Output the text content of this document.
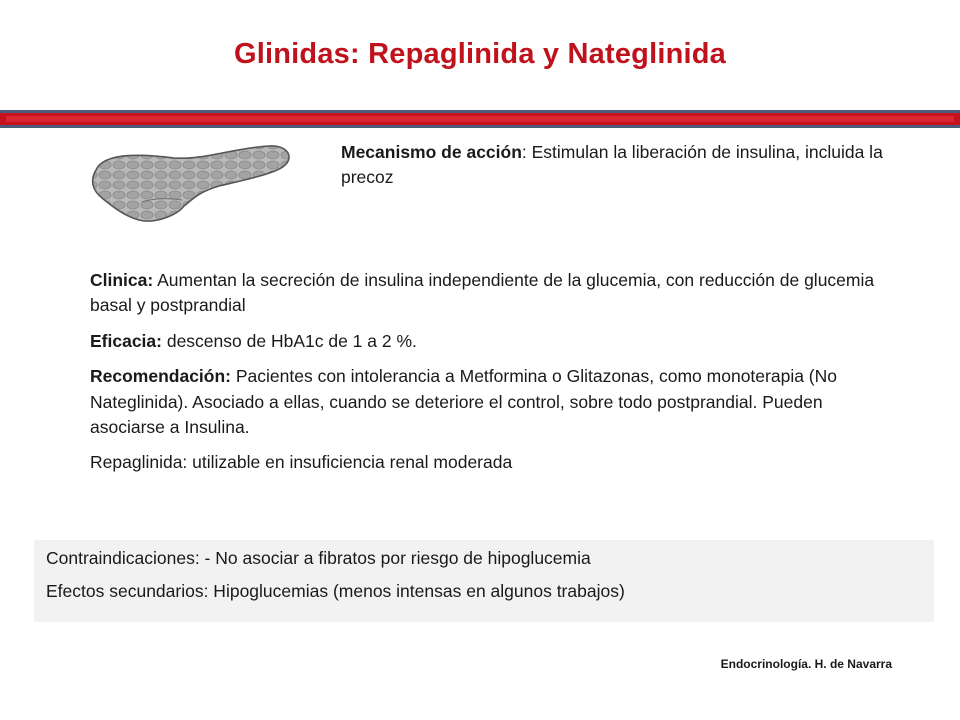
Glinidas: Repaglinida y Nateglinida
Mecanismo de acción: Estimulan la liberación de insulina, incluida la precoz

Clinica: Aumentan la secreción de insulina independiente de la glucemia, con reducción de glucemia basal y postprandial

Eficacia: descenso de HbA1c de 1 a 2 %.

Recomendación: Pacientes con intolerancia a Metformina o Glitazonas, como monoterapia (No Nateglinida). Asociado a ellas, cuando se deteriore el control, sobre todo postprandial. Pueden asociarse a Insulina.

Repaglinida: utilizable en insuficiencia renal moderada

Contraindicaciones: - No asociar a fibratos por riesgo de hipoglucemia

Efectos secundarios: Hipoglucemias (menos intensas en algunos trabajos)

Endocrinología. H. de Navarra
